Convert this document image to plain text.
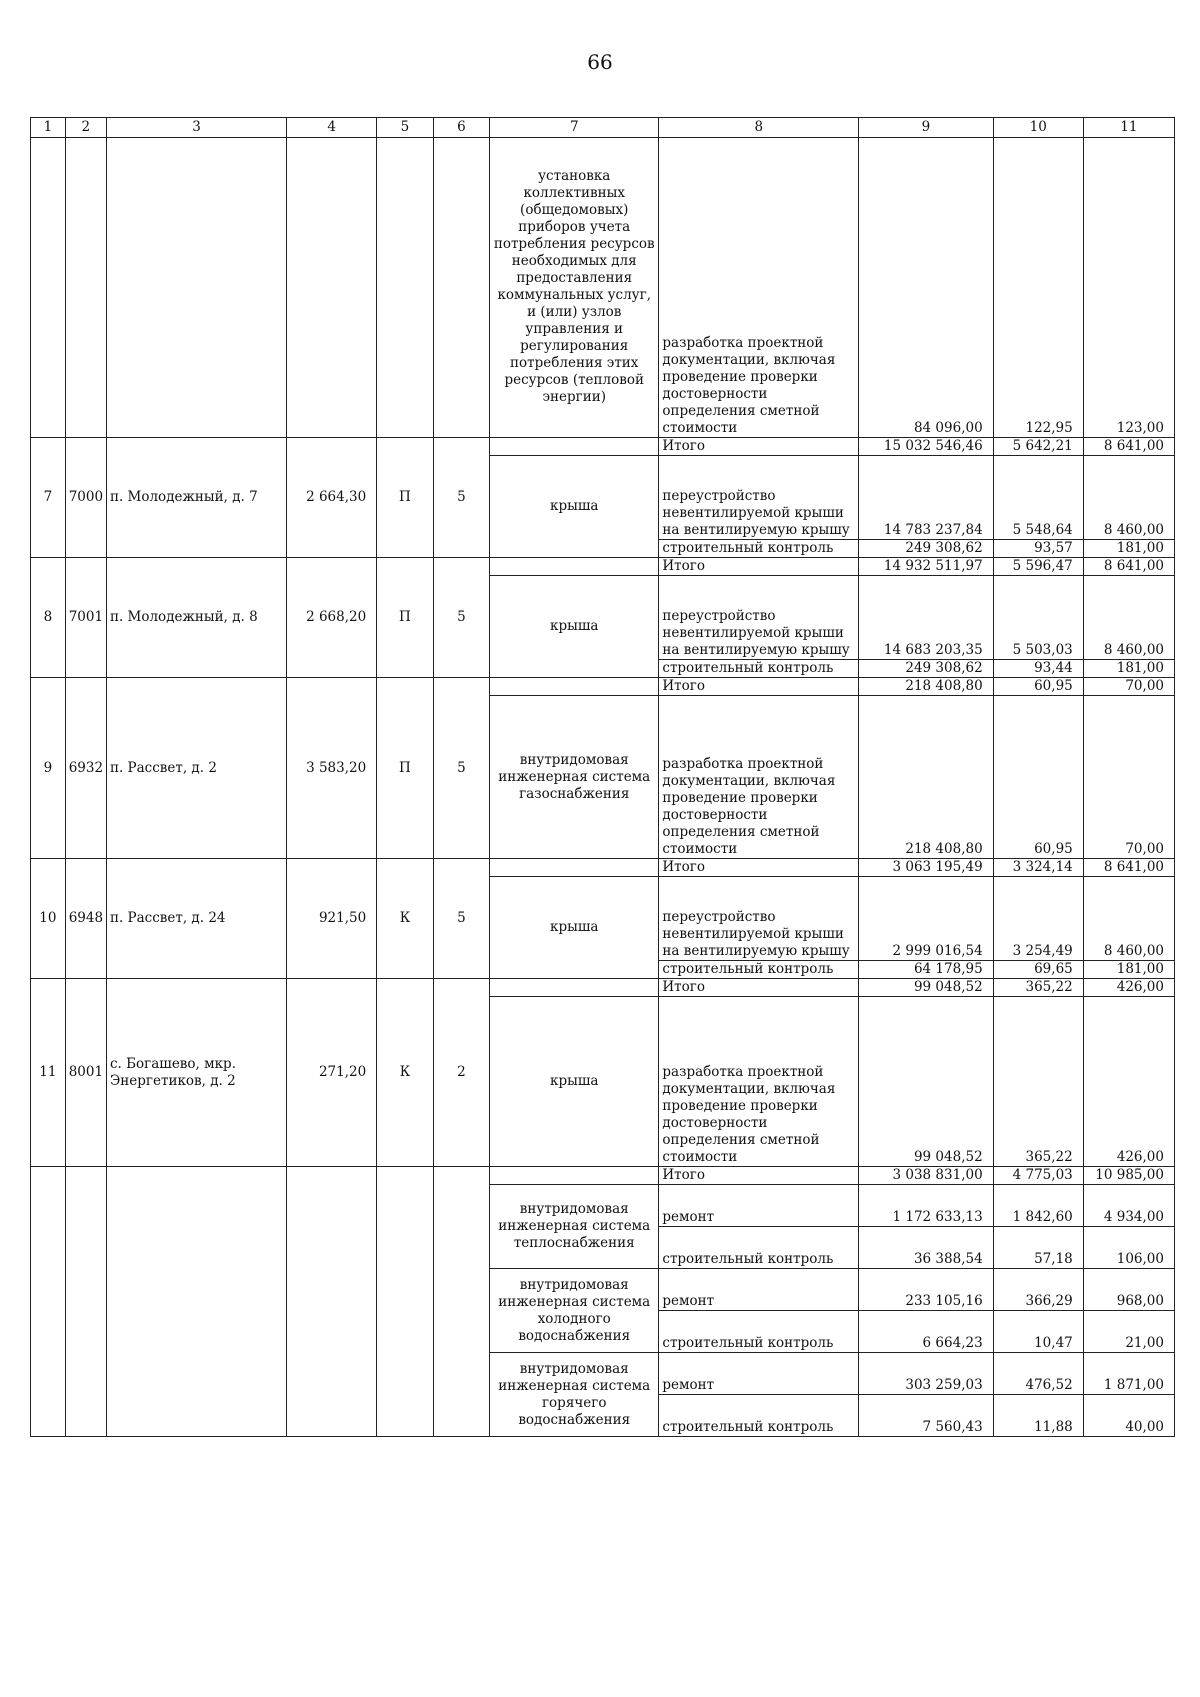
66
1	2	3	4	5	6	7	8	9	10	11
						установка коллективных (общедомовых) приборов учета потребления ресурсов необходимых для предоставления коммунальных услуг, и (или) узлов управления и регулирования потребления этих ресурсов (тепловой энергии)	разработка проектной документации, включая проведение проверки достоверности определения сметной стоимости	84 096,00	122,95	123,00
7	7000	п. Молодежный, д. 7	2 664,30	П	5		Итого	15 032 546,46	5 642,21	8 641,00
						крыша	переустройство невентилируемой крыши на вентилируемую крышу	14 783 237,84	5 548,64	8 460,00

							строительный контроль	249 308,62	93,57	181,00
8	7001	п. Молодежный, д. 8	2 668,20	П	5		Итого	14 932 511,97	5 596,47	8 641,00
						крыша	переустройство невентилируемой крыши на вентилируемую крышу	14 683 203,35	5 503,03	8 460,00

							строительный контроль	249 308,62	93,44	181,00
9	6932	п. Рассвет, д. 2	3 583,20	П	5		Итого	218 408,80	60,95	70,00
						внутридомовая инженерная система газоснабжения	разработка проектной документации, включая проведение проверки достоверности определения сметной стоимости	218 408,80	60,95	70,00
10	6948	п. Рассвет, д. 24	921,50	К	5		Итого	3 063 195,49	3 324,14	8 641,00
						крыша	переустройство невентилируемой крыши на вентилируемую крышу	2 999 016,54	3 254,49	8 460,00

							строительный контроль	64 178,95	69,65	181,00
11	8001	с. Богашево, мкр. Энергетиков, д. 2	271,20	К	2		Итого	99 048,52	365,22	426,00
						крыша	разработка проектной документации, включая проведение проверки достоверности определения сметной стоимости	99 048,52	365,22	426,00
							Итого	3 038 831,00	4 775,03	10 985,00
						внутридомовая инженерная система теплоснабжения	ремонт	1 172 633,13	1 842,60	4 934,00
							строительный контроль	36 388,54	57,18	106,00
						внутридомовая инженерная система холодного водоснабжения	ремонт	233 105,16	366,29	968,00
							строительный контроль	6 664,23	10,47	21,00
						внутридомовая инженерная система горячего водоснабжения	ремонт	303 259,03	476,52	1 871,00
							строительный контроль	7 560,43	11,88	40,00
